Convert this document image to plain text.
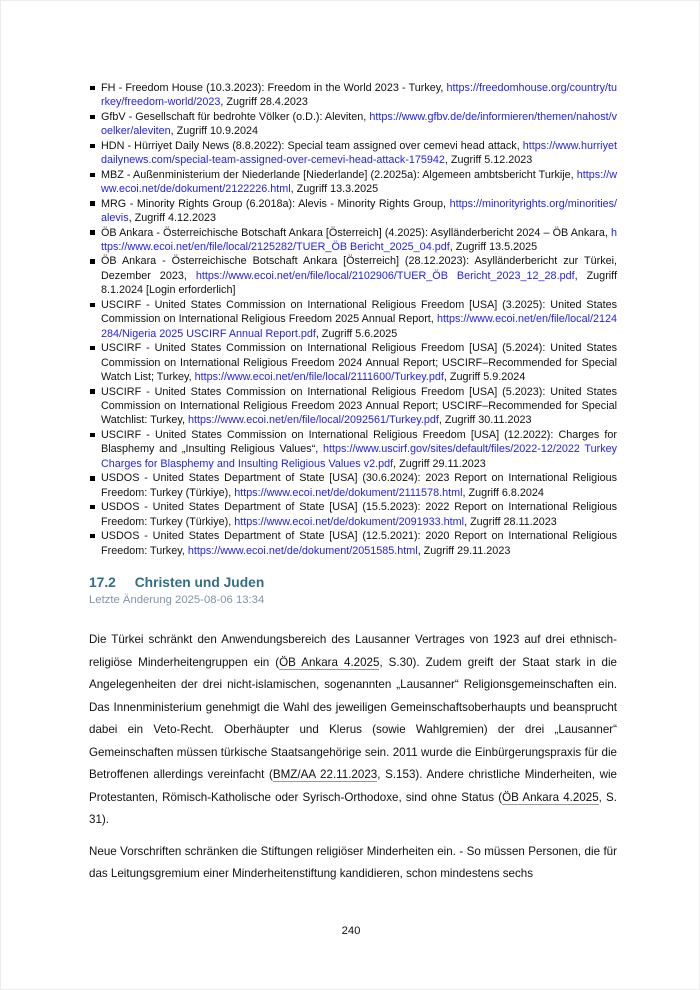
FH - Freedom House (10.3.2023): Freedom in the World 2023 - Turkey, https://freedomhouse.org/country/turkey/freedom-world/2023, Zugriff 28.4.2023
GfbV - Gesellschaft für bedrohte Völker (o.D.): Aleviten, https://www.gfbv.de/de/informieren/themen/nahost/voelker/aleviten, Zugriff 10.9.2024
HDN - Hürriyet Daily News (8.8.2022): Special team assigned over cemevi head attack, https://www.hurriyetdailynews.com/special-team-assigned-over-cemevi-head-attack-175942, Zugriff 5.12.2023
MBZ - Außenministerium der Niederlande [Niederlande] (2.2025a): Algemeen ambtsbericht Turkije, https://www.ecoi.net/de/dokument/2122226.html, Zugriff 13.3.2025
MRG - Minority Rights Group (6.2018a): Alevis - Minority Rights Group, https://minorityrights.org/minorities/alevis, Zugriff 4.12.2023
ÖB Ankara - Österreichische Botschaft Ankara [Österreich] (4.2025): Asylländerbericht 2024 – ÖB Ankara, https://www.ecoi.net/en/file/local/2125282/TUER_ÖB Bericht_2025_04.pdf, Zugriff 13.5.2025
ÖB Ankara - Österreichische Botschaft Ankara [Österreich] (28.12.2023): Asylländerbericht zur Türkei, Dezember 2023, https://www.ecoi.net/en/file/local/2102906/TUER_ÖB Bericht_2023_12_28.pdf, Zugriff 8.1.2024 [Login erforderlich]
USCIRF - United States Commission on International Religious Freedom [USA] (3.2025): United States Commission on International Religious Freedom 2025 Annual Report, https://www.ecoi.net/en/file/local/2124284/Nigeria 2025 USCIRF Annual Report.pdf, Zugriff 5.6.2025
USCIRF - United States Commission on International Religious Freedom [USA] (5.2024): United States Commission on International Religious Freedom 2024 Annual Report; USCIRF–Recommended for Special Watch List; Turkey, https://www.ecoi.net/en/file/local/2111600/Turkey.pdf, Zugriff 5.9.2024
USCIRF - United States Commission on International Religious Freedom [USA] (5.2023): United States Commission on International Religious Freedom 2023 Annual Report; USCIRF–Recommended for Special Watchlist: Turkey, https://www.ecoi.net/en/file/local/2092561/Turkey.pdf, Zugriff 30.11.2023
USCIRF - United States Commission on International Religious Freedom [USA] (12.2022): Charges for Blasphemy and „Insulting Religious Values“, https://www.uscirf.gov/sites/default/files/2022-12/2022 Turkey Charges for Blasphemy and Insulting Religious Values v2.pdf, Zugriff 29.11.2023
USDOS - United States Department of State [USA] (30.6.2024): 2023 Report on International Religious Freedom: Turkey (Türkiye), https://www.ecoi.net/de/dokument/2111578.html, Zugriff 6.8.2024
USDOS - United States Department of State [USA] (15.5.2023): 2022 Report on International Religious Freedom: Turkey (Türkiye), https://www.ecoi.net/de/dokument/2091933.html, Zugriff 28.11.2023
USDOS - United States Department of State [USA] (12.5.2021): 2020 Report on International Religious Freedom: Turkey, https://www.ecoi.net/de/dokument/2051585.html, Zugriff 29.11.2023
17.2 Christen und Juden
Letzte Änderung 2025-08-06 13:34

Die Türkei schränkt den Anwendungsbereich des Lausanner Vertrages von 1923 auf drei ethnisch-religiöse Minderheitengruppen ein (ÖB Ankara 4.2025, S.30). Zudem greift der Staat stark in die Angelegenheiten der drei nicht-islamischen, sogenannten „Lausanner“ Religionsgemeinschaften ein. Das Innenministerium genehmigt die Wahl des jeweiligen Gemeinschaftsoberhaupts und beansprucht dabei ein Veto-Recht. Oberhäupter und Klerus (sowie Wahlgremien) der drei „Lausanner“ Gemeinschaften müssen türkische Staatsangehörige sein. 2011 wurde die Einbürgerungspraxis für die Betroffenen allerdings vereinfacht (BMZ/AA 22.11.2023, S.153). Andere christliche Minderheiten, wie Protestanten, Römisch-Katholische oder Syrisch-Orthodoxe, sind ohne Status (ÖB Ankara 4.2025, S. 31).

Neue Vorschriften schränken die Stiftungen religiöser Minderheiten ein. - So müssen Personen, die für das Leitungsgremium einer Minderheitenstiftung kandidieren, schon mindestens sechs

240
